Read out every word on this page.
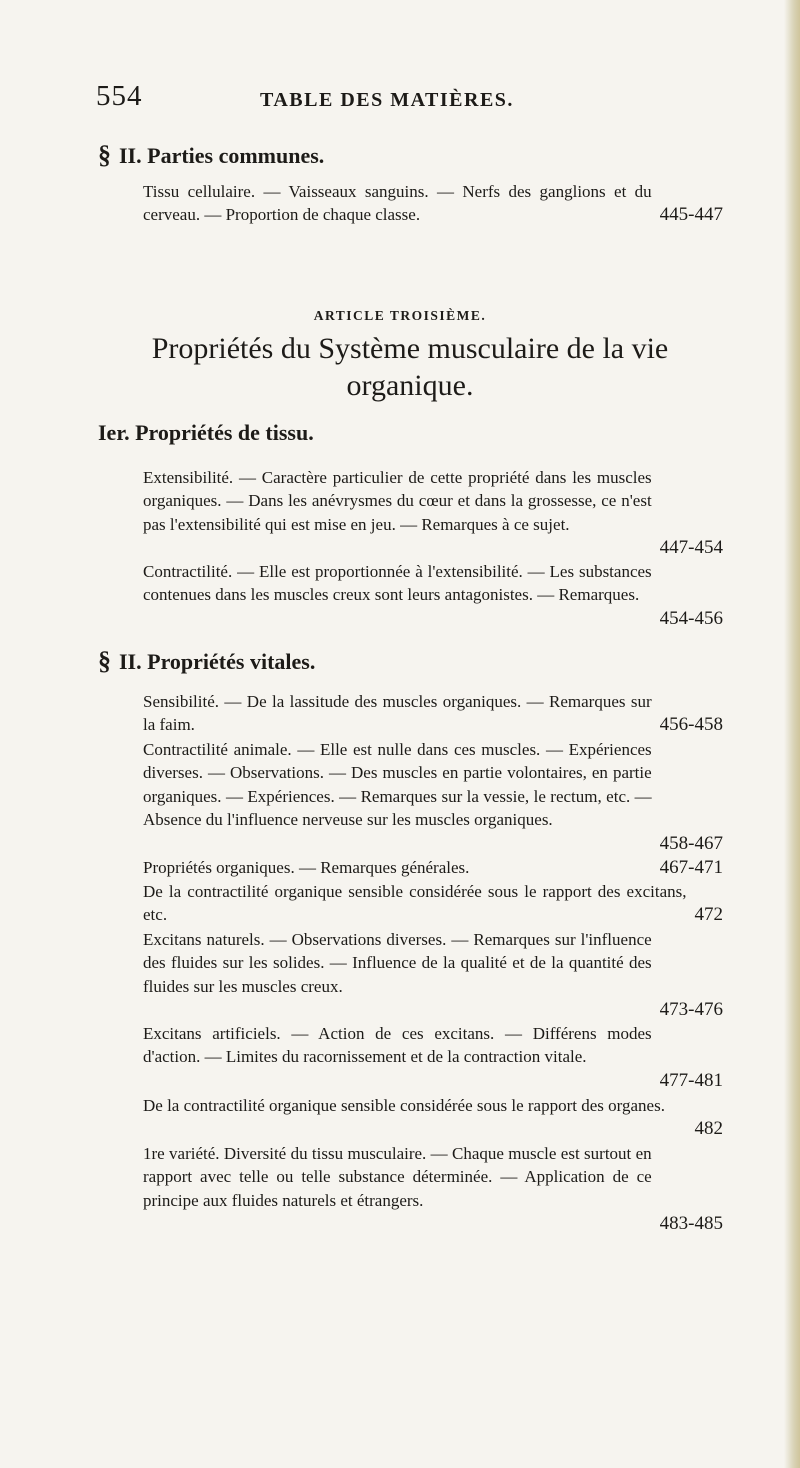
554	TABLE DES MATIÈRES.
§ II. Parties communes.
445-447
Tissu cellulaire. — Vaisseaux sanguins. — Nerfs des ganglions et du cerveau. — Proportion de chaque classe.
ARTICLE TROISIÈME.
Propriétés du Système musculaire de la vie
organique.
Ier. Propriétés de tissu.
447-454
Extensibilité. — Caractère particulier de cette propriété dans les muscles organiques. — Dans les anévrysmes du cœur et dans la grossesse, ce n'est pas l'extensibilité qui est mise en jeu. — Remarques à ce sujet.
454-456
Contractilité. — Elle est proportionnée à l'extensibilité. — Les substances contenues dans les muscles creux sont leurs antagonistes. — Remarques.
§ II. Propriétés vitales.
456-458
Sensibilité. — De la lassitude des muscles organiques. — Remarques sur la faim.
458-467
Contractilité animale. — Elle est nulle dans ces muscles. — Expériences diverses. — Observations. — Des muscles en partie volontaires, en partie organiques. — Expériences. — Remarques sur la vessie, le rectum, etc. — Absence du l'influence nerveuse sur les muscles organiques.
467-471
Propriétés organiques. — Remarques générales.
472
De la contractilité organique sensible considérée sous le rapport des excitans, etc.
473-476
Excitans naturels. — Observations diverses. — Remarques sur l'influence des fluides sur les solides. — Influence de la qualité et de la quantité des fluides sur les muscles creux.
477-481
Excitans artificiels. — Action de ces excitans. — Différens modes d'action. — Limites du racornissement et de la contraction vitale.
482
De la contractilité organique sensible considérée sous le rapport des organes.
483-485
1re variété. Diversité du tissu musculaire. — Chaque muscle est surtout en rapport avec telle ou telle substance déterminée. — Application de ce principe aux fluides naturels et étrangers.
